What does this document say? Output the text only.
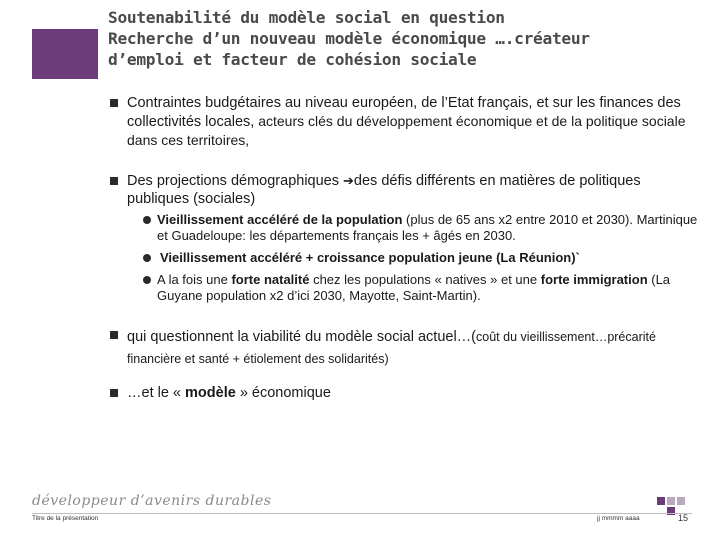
Soutenabilité du modèle social en question
Recherche d’un nouveau modèle économique ….créateur
d’emploi et facteur de cohésion sociale
Contraintes budgétaires au niveau européen, de l’Etat français, et sur les finances des collectivités locales, acteurs clés du développement économique et de la politique sociale dans ces territoires,
Des projections démographiques ➔des défis différents en matières de politiques publiques (sociales)
Vieillissement accéléré de la population (plus de 65 ans x2 entre 2010 et 2030). Martinique et Guadeloupe: les départements français les + âgés en 2030.
Vieillissement accéléré + croissance population jeune (La Réunion)`
A la fois une forte natalité chez les populations « natives » et une forte immigration (La Guyane population x2 d’ici 2030, Mayotte, Saint-Martin).
qui questionnent la viabilité du modèle social actuel…(coût du vieillissement…précarité financière et santé + étiolement des solidarités)
…et le « modèle » économique
développeur d’avenirs durables
Titre de la présentation	jj mmmm aaaa	15
